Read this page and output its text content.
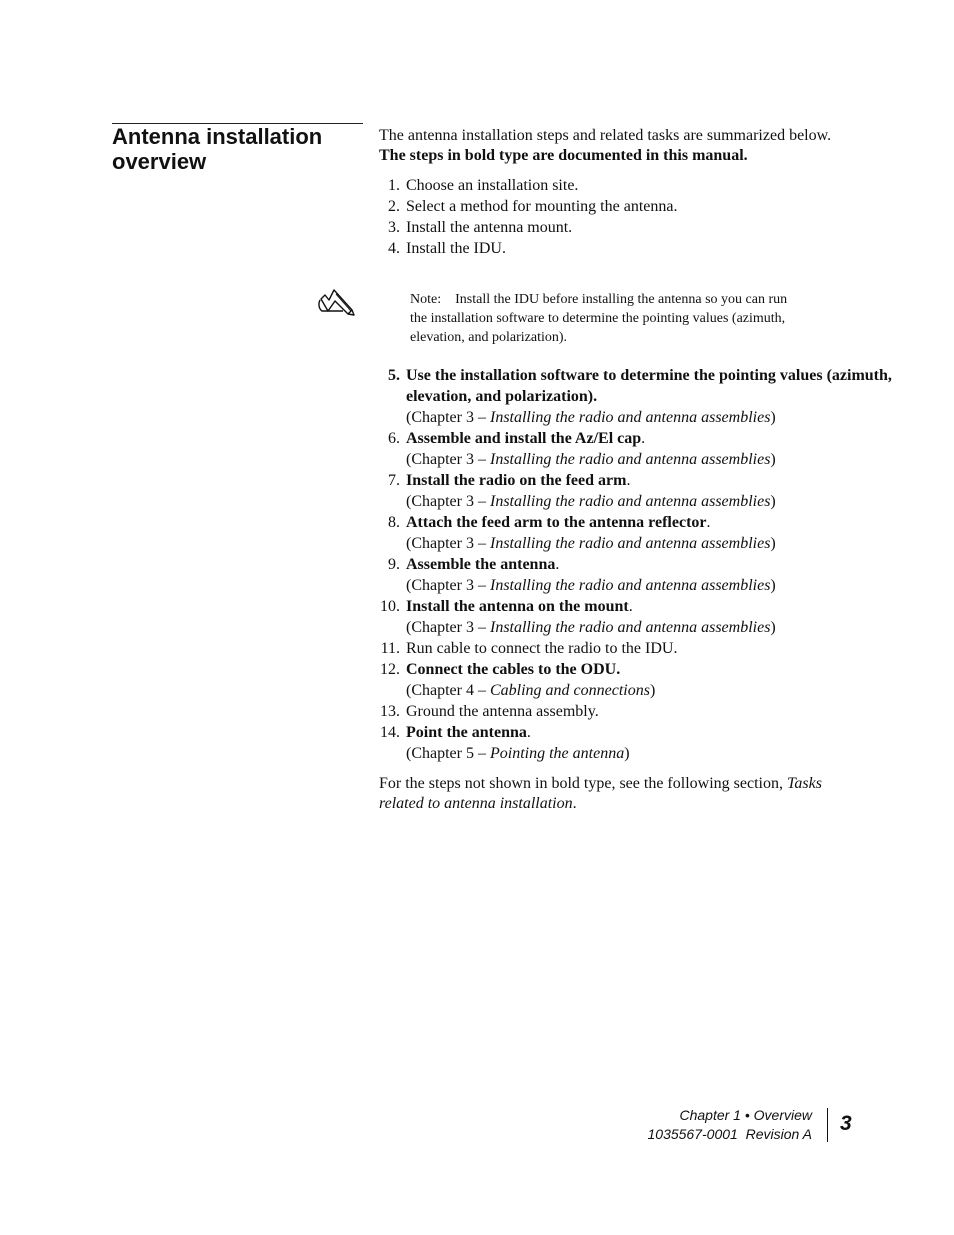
Antenna installation overview

The antenna installation steps and related tasks are summarized below. The steps in bold type are documented in this manual.

1. Choose an installation site.
2. Select a method for mounting the antenna.
3. Install the antenna mount.
4. Install the IDU.

Note: Install the IDU before installing the antenna so you can run the installation software to determine the pointing values (azimuth, elevation, and polarization).

5. Use the installation software to determine the pointing values (azimuth, elevation, and polarization).
(Chapter 3 – Installing the radio and antenna assemblies)
6. Assemble and install the Az/El cap.
(Chapter 3 – Installing the radio and antenna assemblies)
7. Install the radio on the feed arm.
(Chapter 3 – Installing the radio and antenna assemblies)
8. Attach the feed arm to the antenna reflector.
(Chapter 3 – Installing the radio and antenna assemblies)
9. Assemble the antenna.
(Chapter 3 – Installing the radio and antenna assemblies)
10. Install the antenna on the mount.
(Chapter 3 – Installing the radio and antenna assemblies)
11. Run cable to connect the radio to the IDU.
12. Connect the cables to the ODU.
(Chapter 4 – Cabling and connections)
13. Ground the antenna assembly.
14. Point the antenna.
(Chapter 5 – Pointing the antenna)

For the steps not shown in bold type, see the following section, Tasks related to antenna installation.

Chapter 1 • Overview
1035567-0001  Revision A 3
